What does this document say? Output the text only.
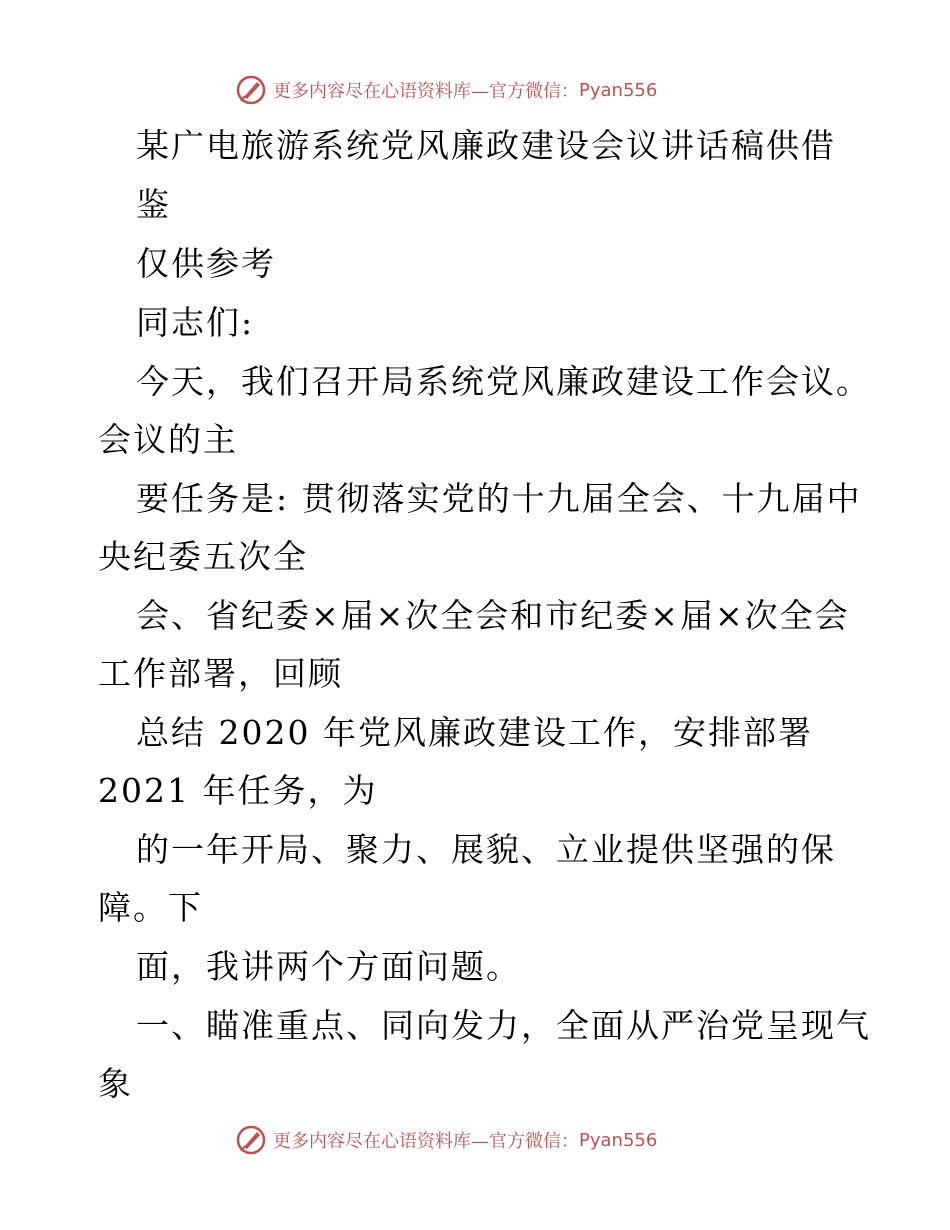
更多内容尽在心语资料库—官方微信： Pyan556
某广电旅游系统党风廉政建设会议讲话稿供借
鉴
仅供参考
同志们:
今天，我们召开局系统党风廉政建设工作会议。
会议的主
要任务是: 贯彻落实党的十九届全会、十九届中
央纪委五次全
会、省纪委×届×次全会和市纪委×届×次全会
工作部署，回顾
总结 2020 年党风廉政建设工作，安排部署
2021 年任务，为
的一年开局、聚力、展貌、立业提供坚强的保
障。下
面，我讲两个方面问题。
一、瞄准重点、同向发力，全面从严治党呈现气
象
更多内容尽在心语资料库—官方微信： Pyan556
